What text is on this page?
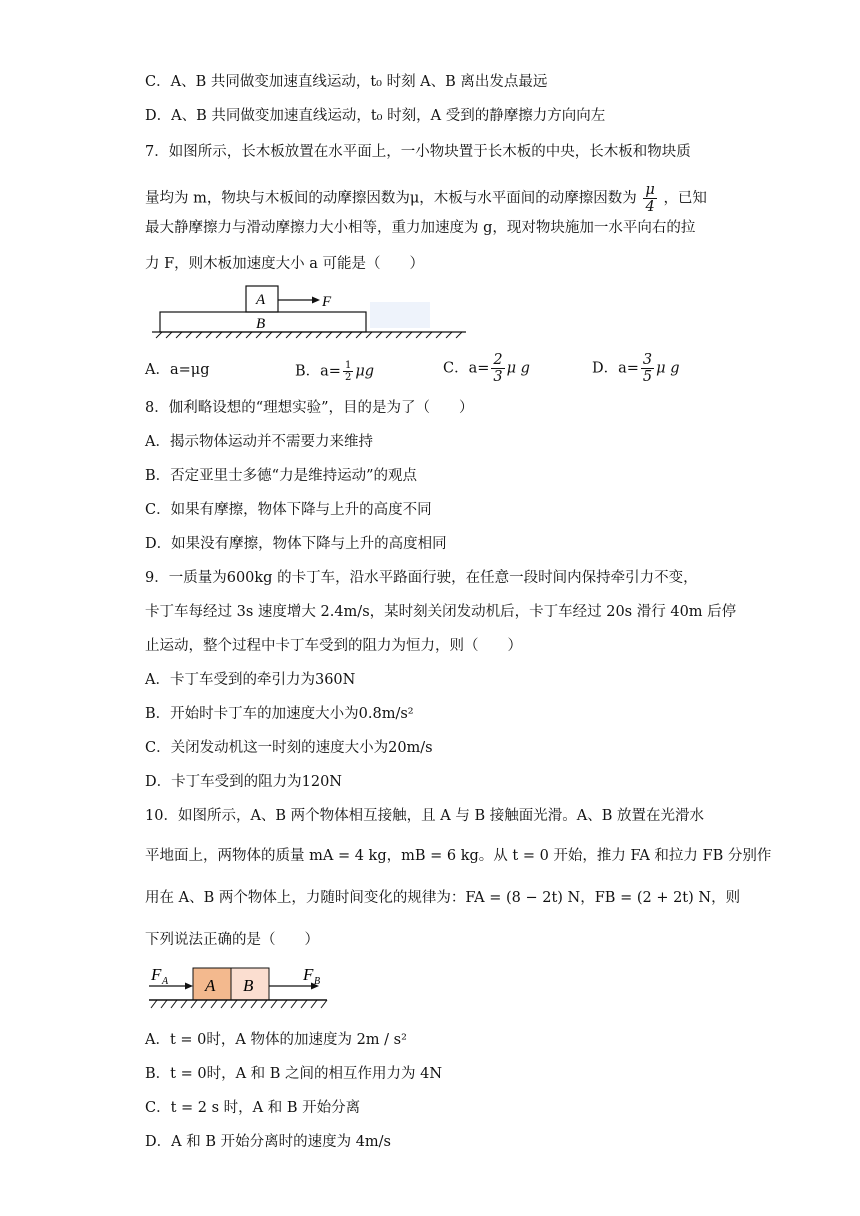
C．A、B 共同做变加速直线运动，t₀ 时刻 A、B 离出发点最远
D．A、B 共同做变加速直线运动，t₀ 时刻，A 受到的静摩擦力方向向左
7．如图所示，长木板放置在水平面上，一小物块置于长木板的中央，长木板和物块质
量均为 m，物块与木板间的动摩擦因数为μ，木板与水平面间的动摩擦因数为 $\frac{\mu}{4}$ ，已知
最大静摩擦力与滑动摩擦力大小相等，重力加速度为 g，现对物块施加一水平向右的拉
力 F，则木板加速度大小 a 可能是（　　）
A	F
B
A．a=μg	B．$a= \frac{1}{2}$ μg	C．$a= \frac{2}{3}$ μ g	D．$a= \frac{3}{5}$ μ g
8．伽利略设想的“理想实验”，目的是为了（　　）
A．揭示物体运动并不需要力来维持
B．否定亚里士多德“力是维持运动”的观点
C．如果有摩擦，物体下降与上升的高度不同
D．如果没有摩擦，物体下降与上升的高度相同
9．一质量为600kg 的卡丁车，沿水平路面行驶，在任意一段时间内保持牵引力不变，
卡丁车每经过 3s 速度增大 2.4m/s，某时刻关闭发动机后，卡丁车经过 20s 滑行 40m 后停
止运动，整个过程中卡丁车受到的阻力为恒力，则（　　）
A．卡丁车受到的牵引力为360N
B．开始时卡丁车的加速度大小为0.8m/s²
C．关闭发动机这一时刻的速度大小为20m/s
D．卡丁车受到的阻力为120N
10．如图所示，A、B 两个物体相互接触，且 A 与 B 接触面光滑。A、B 放置在光滑水
平地面上，两物体的质量 mA = 4 kg，mB = 6 kg。从 t = 0 开始，推力 FA 和拉力 FB 分别作
用在 A、B 两个物体上，力随时间变化的规律为：FA = (8 − 2t) N，FB = (2 + 2t) N，则
下列说法正确的是（　　）
F A A B
F B
A．t = 0时，A 物体的加速度为 2m / s²
B．t = 0时，A 和 B 之间的相互作用力为 4N
C．t = 2 s 时，A 和 B 开始分离
D．A 和 B 开始分离时的速度为 4m/s
